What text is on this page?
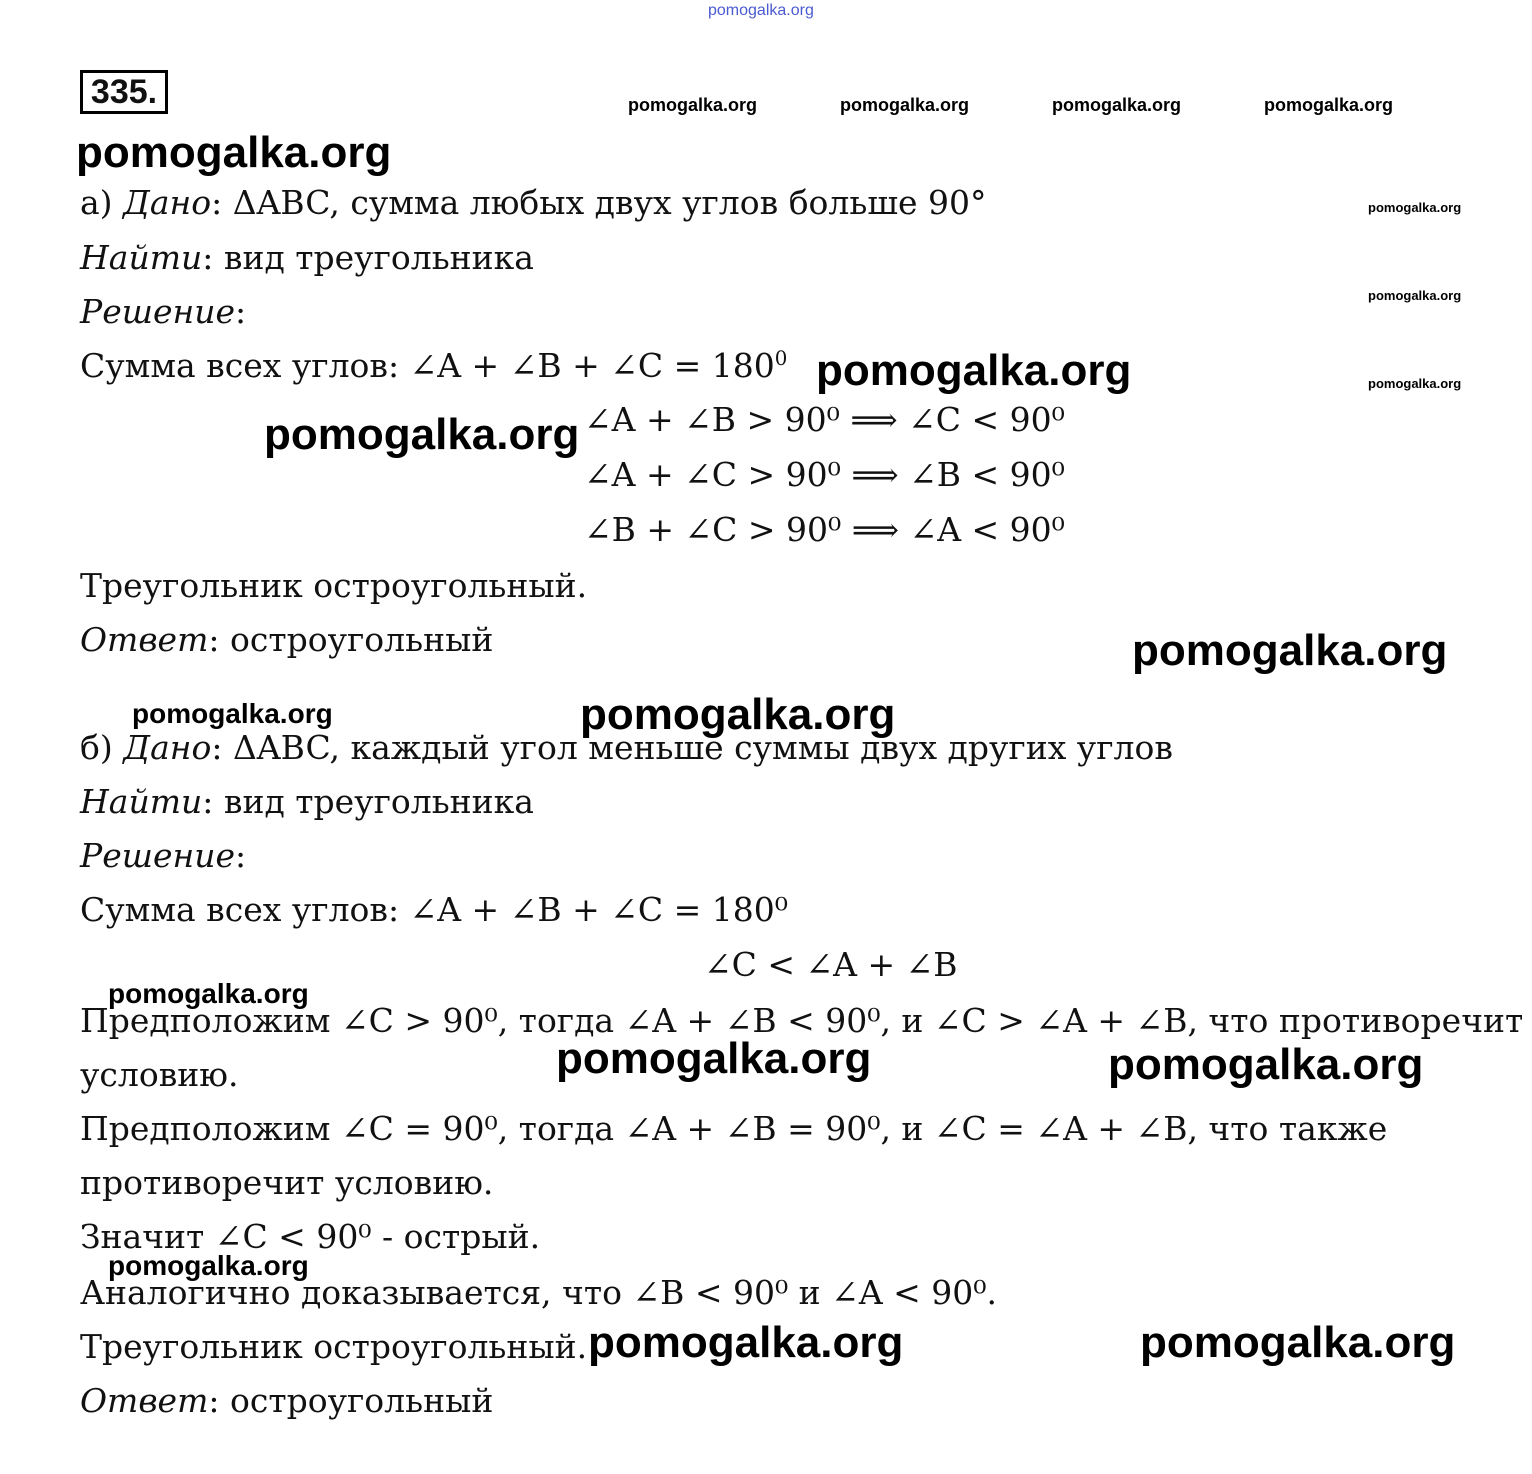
pomogalka.org
pomogalka.org	pomogalka.org	pomogalka.org	pomogalka.org
pomogalka.org
pomogalka.org
pomogalka.org
pomogalka.org
pomogalka.org
pomogalka.org
pomogalka.org
pomogalka.org	pomogalka.org
pomogalka.org
pomogalka.org	pomogalka.org
pomogalka.org
pomogalka.org	pomogalka.org
335.
а) Дано: ΔABC, сумма любых двух углов больше 90°
Найти: вид треугольника
Решение:
Сумма всех углов: ∠A + ∠B + ∠C = $180^0$
∠A + ∠B > 90⁰ ⟹ ∠C < 90⁰
∠A + ∠C > 90⁰ ⟹ ∠B < 90⁰
∠B + ∠C > 90⁰ ⟹ ∠A < 90⁰
Треугольник остроугольный.
Ответ: остроугольный
б) Дано: ΔABC, каждый угол меньше суммы двух других углов
Найти: вид треугольника
Решение:
Сумма всех углов: ∠A + ∠B + ∠C = 180⁰
∠C < ∠A + ∠B
Предположим ∠C > 90⁰, тогда ∠A + ∠B < 90⁰, и ∠C > ∠A + ∠B, что противоречит
условию.
Предположим ∠C = 90⁰, тогда ∠A + ∠B = 90⁰, и ∠C = ∠A + ∠B, что также
противоречит условию.
Значит ∠C < 90⁰ - острый.
Аналогично доказывается, что ∠B < 90⁰ и ∠A < 90⁰.
Треугольник остроугольный.
Ответ: остроугольный
